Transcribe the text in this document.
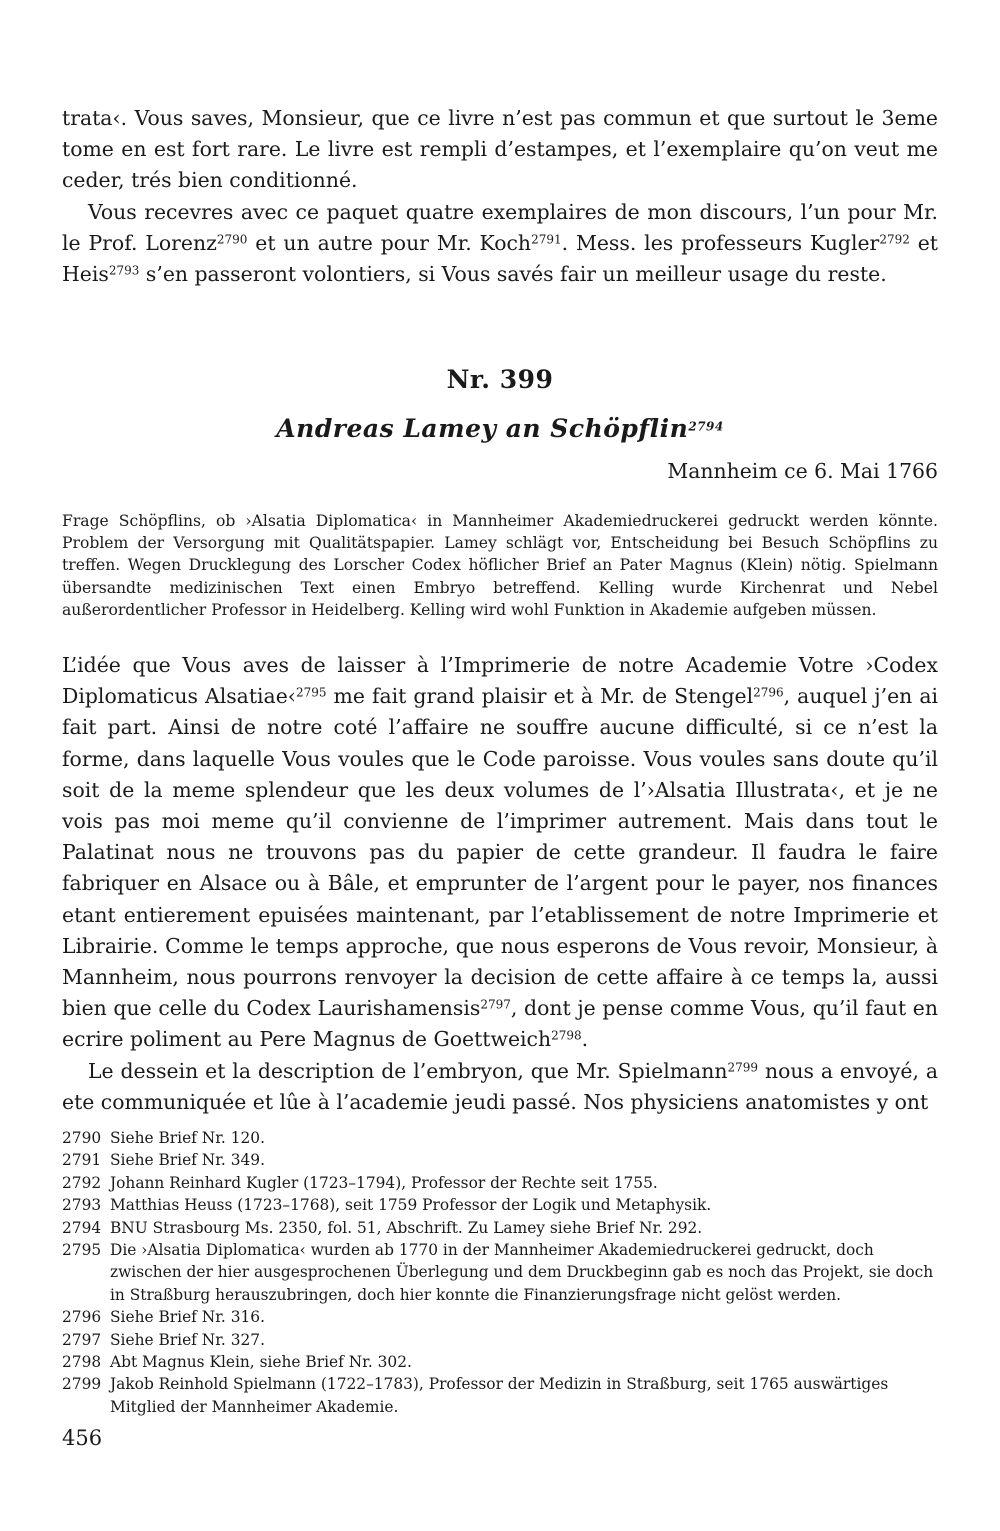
trata‹. Vous saves, Monsieur, que ce livre n’est pas commun et que surtout le 3eme tome en est fort rare. Le livre est rempli d’estampes, et l’exemplaire qu’on veut me ceder, trés bien conditionné.

Vous recevres avec ce paquet quatre exemplaires de mon discours, l’un pour Mr. le Prof. Lorenz$^{2790}$ et un autre pour Mr. Koch$^{2791}$. Mess. les professeurs Kugler$^{2792}$ et Heis$^{2793}$ s’en passeront volontiers, si Vous savés fair un meilleur usage du reste.

Nr. 399
Andreas Lamey an Schöpflin$^{2794}$

Mannheim ce 6. Mai 1766

Frage Schöpflins, ob ›Alsatia Diplomatica‹ in Mannheimer Akademiedruckerei gedruckt werden könnte. Problem der Versorgung mit Qualitätspapier. Lamey schlägt vor, Entscheidung bei Besuch Schöpflins zu treffen. Wegen Drucklegung des Lorscher Codex höflicher Brief an Pater Magnus (Klein) nötig. Spielmann übersandte medizinischen Text einen Embryo betreffend. Kelling wurde Kirchenrat und Nebel außerordentlicher Professor in Heidelberg. Kelling wird wohl Funktion in Akademie aufgeben müssen.

L’idée que Vous aves de laisser à l’Imprimerie de notre Academie Votre ›Codex Diplomaticus Alsatiae‹$^{2795}$ me fait grand plaisir et à Mr. de Stengel$^{2796}$, auquel j’en ai fait part. Ainsi de notre coté l’affaire ne souffre aucune difficulté, si ce n’est la forme, dans laquelle Vous voules que le Code paroisse. Vous voules sans doute qu’il soit de la meme splendeur que les deux volumes de l’›Alsatia Illustrata‹, et je ne vois pas moi meme qu’il convienne de l’imprimer autrement. Mais dans tout le Palatinat nous ne trouvons pas du papier de cette grandeur. Il faudra le faire fabriquer en Alsace ou à Bâle, et emprunter de l’argent pour le payer, nos finances etant entierement epuisées maintenant, par l’etablissement de notre Imprimerie et Librairie. Comme le temps approche, que nous esperons de Vous revoir, Monsieur, à Mannheim, nous pourrons renvoyer la decision de cette affaire à ce temps la, aussi bien que celle du Codex Laurishamensis$^{2797}$, dont je pense comme Vous, qu’il faut en ecrire poliment au Pere Magnus de Goettweich$^{2798}$.

Le dessein et la description de l’embryon, que Mr. Spielmann$^{2799}$ nous a envoyé, a ete communiquée et lûe à l’academie jeudi passé. Nos physiciens anatomistes y ont

2790 Siehe Brief Nr. 120.
2791 Siehe Brief Nr. 349.
2792 Johann Reinhard Kugler (1723–1794), Professor der Rechte seit 1755.
2793 Matthias Heuss (1723–1768), seit 1759 Professor der Logik und Metaphysik.
2794 BNU Strasbourg Ms. 2350, fol. 51, Abschrift. Zu Lamey siehe Brief Nr. 292.
2795 Die ›Alsatia Diplomatica‹ wurden ab 1770 in der Mannheimer Akademiedruckerei gedruckt, doch zwischen der hier ausgesprochenen Überlegung und dem Druckbeginn gab es noch das Projekt, sie doch in Straßburg herauszubringen, doch hier konnte die Finanzierungsfrage nicht gelöst werden.
2796 Siehe Brief Nr. 316.
2797 Siehe Brief Nr. 327.
2798 Abt Magnus Klein, siehe Brief Nr. 302.
2799 Jakob Reinhold Spielmann (1722–1783), Professor der Medizin in Straßburg, seit 1765 auswärtiges Mitglied der Mannheimer Akademie.

456
